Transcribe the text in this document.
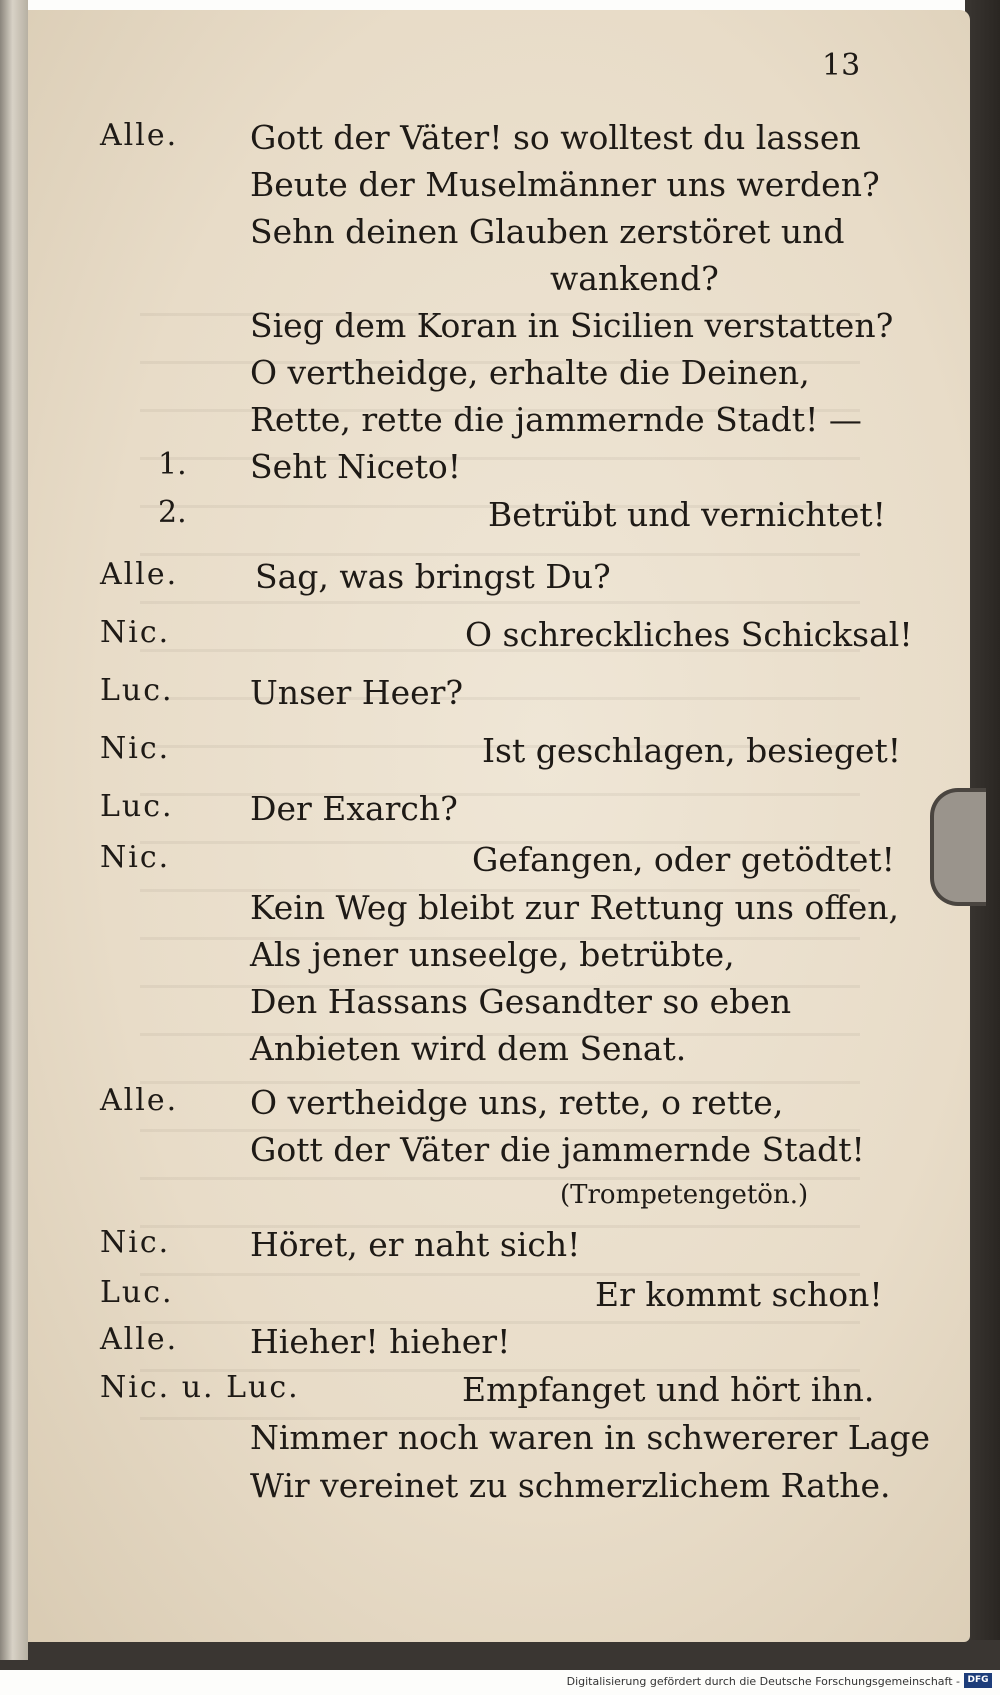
13
Alle.	Gott der Väter! so wolltest du lassen
Beute der Muselmänner uns werden?
Sehn deinen Glauben zerstöret und
wankend?
Sieg dem Koran in Sicilien verstatten?
O vertheidge, erhalte die Deinen,
Rette, rette die jammernde Stadt! —
1. Seht Niceto!
2.	Betrübt und vernichtet!
Alle.	Sag, was bringst Du?
Nic.	O schreckliches Schicksal!
Luc.	Unser Heer?
Nic.	Ist geschlagen, besieget!
Luc.	Der Exarch?
Nic.	Gefangen, oder getödtet!
Kein Weg bleibt zur Rettung uns offen,
Als jener unseelge, betrübte,
Den Hassans Gesandter so eben
Anbieten wird dem Senat.
Alle.	O vertheidge uns, rette, o rette,
Gott der Väter die jammernde Stadt!
(Trompetengetön.)
Nic.	Höret, er naht sich!
Luc.	Er kommt schon!
Alle.	Hieher! hieher!
Nic. u. Luc.	Empfanget und hört ihn.
Nimmer noch waren in schwererer Lage
Wir vereinet zu schmerzlichem Rathe.
Digitalisierung gefördert durch die Deutsche Forschungsgemeinschaft - DFG
